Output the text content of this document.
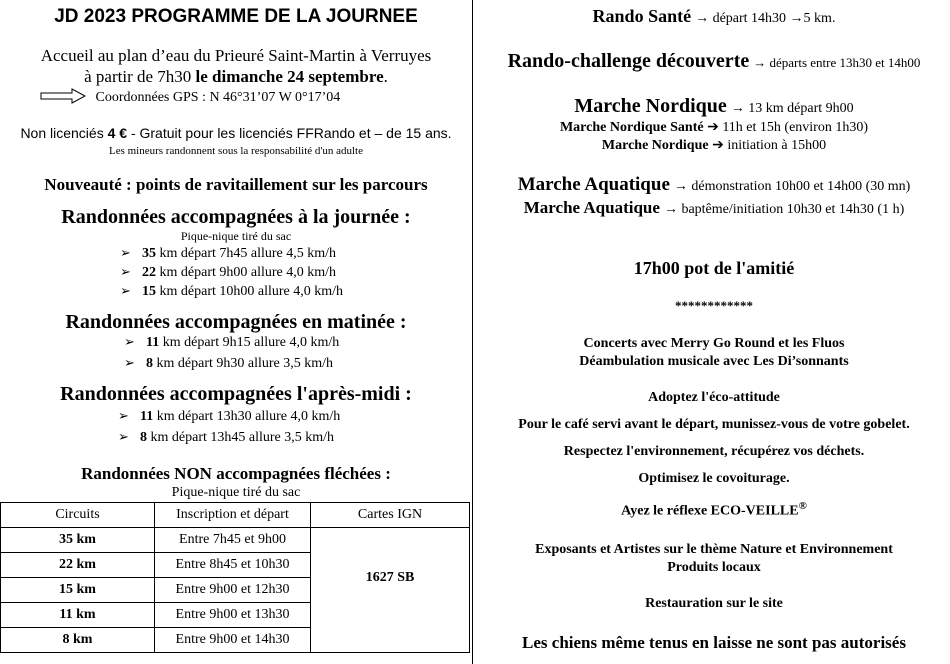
JD 2023 PROGRAMME DE LA JOURNEE
Accueil au plan d’eau du Prieuré Saint-Martin à Verruyes
à partir de 7h30 le dimanche 24 septembre.
Coordonnées GPS : N 46°31’07 W 0°17’04
Non licenciés 4 € - Gratuit pour les licenciés FFRando et – de 15 ans.
Les mineurs randonnent sous la responsabilité d'un adulte
Nouveauté : points de ravitaillement sur les parcours
Randonnées accompagnées à la journée :
Pique-nique tiré du sac
➢ 35 km départ 7h45 allure 4,5 km/h
➢ 22 km départ 9h00 allure 4,0 km/h
➢ 15 km départ 10h00 allure 4,0 km/h
Randonnées accompagnées en matinée :
➢ 11 km départ 9h15 allure 4,0 km/h
➢ 8 km départ 9h30 allure 3,5 km/h
Randonnées accompagnées l'après-midi :
➢ 11 km départ 13h30 allure 4,0 km/h
➢ 8 km départ 13h45 allure 3,5 km/h
Randonnées NON accompagnées fléchées :
Pique-nique tiré du sac
Circuits	Inscription et départ	Cartes IGN
35 km	Entre 7h45 et 9h00	1627 SB
22 km	Entre 8h45 et 10h30	
15 km	Entre 9h00 et 12h30	
11 km	Entre 9h00 et 13h30	
8 km	Entre 9h00 et 14h30	
Rando Santé → départ 14h30 →5 km.
Rando-challenge découverte → départs entre 13h30 et 14h00
Marche Nordique → 13 km départ 9h00
Marche Nordique Santé ➔ 11h et 15h (environ 1h30)
Marche Nordique ➔ initiation à 15h00
Marche Aquatique → démonstration 10h00 et 14h00 (30 mn)
Marche Aquatique → baptême/initiation 10h30 et 14h30 (1 h)
17h00 pot de l'amitié
************
Concerts avec Merry Go Round et les Fluos
Déambulation musicale avec Les Di’sonnants
Adoptez l'éco-attitude
Pour le café servi avant le départ, munissez-vous de votre gobelet.
Respectez l'environnement, récupérez vos déchets.
Optimisez le covoiturage.
Ayez le réflexe ECO-VEILLE®
Exposants et Artistes sur le thème Nature et Environnement
Produits locaux
Restauration sur le site
Les chiens même tenus en laisse ne sont pas autorisés
